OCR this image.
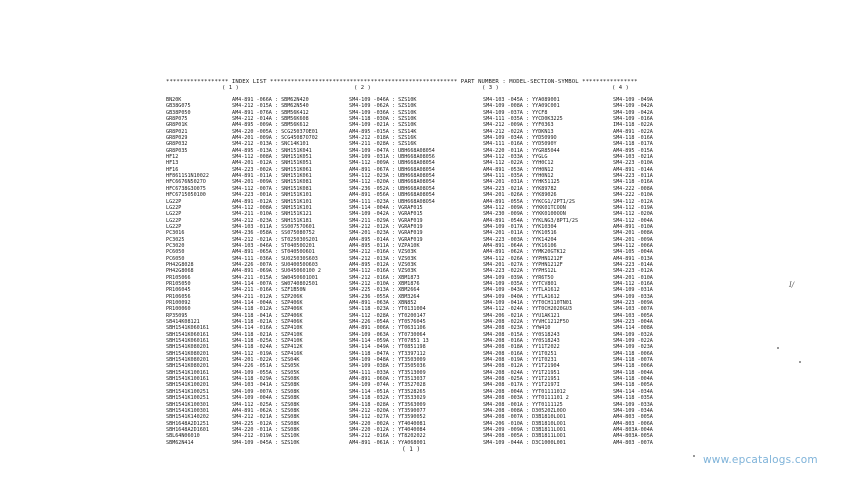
****************** INDEX LIST ****************************************************** PART NUMBER : MODEL-SECTION-SYMBOL ****************
( 1 )	( 2 )	( 3 )	( 4 )
BN20K	AM4-891 -066A : SBM62N420	SM4-109 -046A : SZS10K	SM4-103 -045A : YYA089001	SM4-109 -049A
GB38G075	SM4-212 -015A : SBM62N540	SM4-109 -062A : SZS10K	SM4-109 -008A : YYA09C001	SM4-109 -042A
GB38P050	AM4-891 -076A : SBM56K412	SM4-109 -036A : SZS10K	SM4-109 -037A : YYCF8	SM4-109 -042A
GR8P075	SM4-212 -014A : SBM56K608	SM4-118 -030A : SZS10K	SM4-111 -035A : YYCD0K3225	SM4-109 -016A
GR8P01K	AM4-895 -009A : SBM56K612	SM4-109 -021A : SZS10K	SM4-212 -009A : YYF0363	IM4-118 -022A
GR8P021	SM4-220 -005A : SCG25037OE01	AM4-895 -015A : SZS14K	SM4-212 -022A : YYDKN13	AM4-891 -022A
GR8P029	AM4-201 -009A : SCG45087O702	SM4-212 -018A : SZS16K	SM4-109 -034A : YYD5099O	SM4-118 -016A
GR8P032	SM4-212 -013A : SNC14K101	SM4-211 -028A : SZS16K	SM4-111 -016A : YYD5090Y	SM4-118 -017A
GR8P035	AM4-895 -013A : SNH151K041	SM4-109 -047A : UBH668A08054	SM4-220 -011A : YYGR85044	AM4-895 -015A
HF12	SM4-112 -008A : SNH151K051	SM4-109 -031A : UBH668A08056	SM4-112 -033A : YYGLG	SM4-103 -021A
HF13	AM4-201 -012A : SNH151K051	SM4-112 -009A : UBH668A08054	SM4-112 -022A : YYH0C12	SM4-223 -010A
HF16	SM4-223 -002A : SNH151K061	AM4-891 -067A : UBH668A08054	AM4-891 -053A : YYH0N12	AM4-891 -014A
HF8611S1N10022	AM4-891 -011A : SNH151K061	SM4-112 -023A : UBH668A08054	SM4-111 -035A : YYH0N12	SM4-223 -011A
HFC6676N5027O	SM4-201 -009A : SNH151K081	SM4-112 -020A : UBH668A08054	SM4-201 -031A : YYHK51125	SM4-118 -016A
HFC6738G3O075	SM4-112 -007A : SNH151K081	SM4-236 -052A : UBH668A08O54	SM4-223 -021A : YYK89782	SM4-222 -008A
HFC6715050100	SM4-223 -001A : SNH151K101	AM4-891 -056A : UBH668A08054	SM4-201 -026A : YYK89026	SM4-222 -010A
LG22P	AM4-891 -012A : SNH151K101	SM4-111 -023A : UBH668A08O54	AM4-891 -055A : YYKCG1/2PT1/2S	SM4-112 -012A
LG22P	SM4-112 -008A : SNH151K101	SM4-114 -004A : VGRAF015	SM4-112 -009A : YYKK01TCOON	SM4-112 -019A
LG22P	SM4-211 -010A : SNH151K121	SM4-109 -042A : VGRAF015	SM4-230 -009A : YYKK0100OON	SM4-112 -020A
LG22P	SM4-212 -023A : SNH151K181	SM4-211 -029A : VGRAF019	AM4-891 -054A : YYKLNG3/8PT1/2S	SM4-112 -004A
LG22P	SM4-103 -011A : SS00757O601	SM4-212 -012A : VGRAF019	SM4-109 -017A : YYK10304	AM4-891 -010A
PC3016	SM4-236 -058A : SS075080752	SM4-201 -023A : VGRAF019	SM4-201 -011A : YYK10516	SM4-201 -008A
PC3025	SM4-212 -021A : ST025030S201	AM4-895 -014A : VGRAF019	SM4-223 -003A : YYK14204	SM4-201 -009A
PC3020	SM4-103 -046A : ST04050O201	AM4-895 -011A : VZPA10K	AM4-891 -064A : YYK16106	SM4-112 -006A
PC6050	AM4-891 -065A : ST04050O6O1	SM4-212 -016A : VZS03K	AM4-891 -062A : YYMK20GTK12	SM4-105 -004A
PC6050	SM4-111 -036A : SU025030S603	SM4-212 -013A : VZS03K	SM4-112 -026A : YYPHN1212F	AM4-891 -013A
PH42G8028	SM4-226 -007A : SU040050O603	AM4-895 -012A : VZS03K	SM4-201 -027A : YYPHN1212F	SM4-223 -014A
PH42G8068	AM4-891 -069A : SU045060100 2	SM4-112 -016A : VZS03K	SM4-223 -022A : YYPHS12L	SM4-223 -012A
PR105066	SM4-211 -015A : SW0450601O01	SM4-212 -016A : XBM1873	SM4-109 -039A : YYR6T5O	SM4-201 -010A
PR105050	SM4-114 -007A : SW0740802501	SM4-212 -010A : XBM1876	SM4-109 -035A : YYTCV801	SM4-112 -016A
PR106045	SM4-211 -016A : SZF1B50N	SM4-225 -013A : XBM2664	SM4-109 -043A : YYTLA1612	SM4-109 -031A
PR106056	SM4-211 -012A : SZP206K	SM4-236 -055A : XBM3264	SM4-109 -040A : YYTLA1612	SM4-109 -033A
PR100092	SM4-114 -004A : SZP406K	AM4-891 -063A : XBN852	SM4-109 -041A : YYT0CH110TN01	SM4-223 -009A
PR100060	SM4-118 -012A : SZP406K	SM4-118 -023A : YT0131004	SM4-112 -024A : YYT0CH2020GU3	SM4-103 -007A
RP35095	SM4-118 -041A : SZP406K	SM4-112 -028A : YT0200147	SM4-206 -021A : YYU1AK121	SM4-103 -005A
SB414K08121	SM4-118 -021A : SZP406K	SM4-226 -054A : YT0576045	SM4-208 -022A : YYVHC1212F5O	SM4-223 -004A
SBH1541K060161	SM4-114 -016A : SZP410K	AM4-891 -006A : YT0631106	SM4-208 -023A : YYW410	SM4-114 -008A
SBH1541K060161	SM4-118 -021A : SZP410K	SM4-109 -063A : YT0730064	SM4-208 -015A : YY0S18243	SM4-109 -032A
SBH1541K060161	SM4-118 -025A : SZP410K	SM4-114 -059A : YT07851 13	SM4-208 -016A : YY0S18243	SM4-109 -022A
SBH1541K080201	SM4-118 -024A : SZP412K	SM4-114 -049A : YT0851198	SM4-208 -018A : YY11T2022	SM4-109 -023A
SBH1541K080201	SM4-112 -019A : SZP416K	SM4-118 -047A : YT3397112	SM4-208 -016A : YY1T0251	SM4-118 -006A
SBH1541K080201	SM4-201 -022A : SZS04K	SM4-109 -048A : YT3503009	SM4-208 -019A : YY1T0231	SM4-118 -007A
SBH1541K080201	SM4-226 -051A : SZS05K	SM4-109 -038A : YT3505036	SM4-208 -012A : YY1T21904	SM4-118 -006A
SBH1541K100161	SM4-109 -055A : SZS05K	SM4-111 -033A : YT3513009	SM4-208 -024A : YY1T21951	SM4-118 -004A
SBH1541K100161	SM4-118 -029A : SZS08K	AM4-891 -060A : YT3513037	SM4-208 -025A : YY1T21951	SM4-118 -004A
SBH1541K100201	SM4-103 -041A : SZS08K	SM4-109 -074A : YT3527028	SM4-208 -017A : YY1T2197I	SM4-118 -005A
SBH1541K100251	SM4-109 -007A : SZS08K	SM4-114 -051A : YT3528265	SM4-208 -004A : YYT01111012	SM4-114 -034A
SBH1541K100251	SM4-109 -004A : SZS08K	SM4-118 -032A : YT3533029	SM4-208 -003A : YYT0111101 2	SM4-118 -035A
SBH1541K100301	SM4-112 -025A : SZS08K	SM4-118 -028A : YT3563009	SM4-208 -001A : YYT0111125	SM4-109 -033A
SBH1541K100301	AM4-891 -062A : SZS08K	SM4-212 -020A : YT3590077	SM4-208 -008A : D30520ZL0OO	SM4-109 -034A
SBH1541K140202	SM4-212 -021A : SZS08K	SM4-112 -027A : YT3590052	SM4-208 -007A : D3B1810LOO1	AM4-803 -005A
SBH1648A2D1251	SM4-225 -012A : SZS08K	SM4-220 -002A : YT4040081	SM4-206 -010A : D3B1810LOO1	AM4-803 -006A
SBH1648A2D1601	SM4-220 -011A : SZS08K	SM4-220 -012A : YT4040084	SM4-209 -009A : D3B1811LOO1	AM4-803A-004A
SBL64N06010	SM4-212 -019A : SZS10K	SM4-212 -016A : YT8202022	SM4-208 -005A : D3B1811LOO1	AM4-803A-005A
SBM62N414	SM4-109 -045A : SZS10K	AM4-891 -061A : YYA068001	SM4-109 -044A : D3C1000L001	AM4-803 -007A
( 1 )
I/
www.epcatalogs.com
